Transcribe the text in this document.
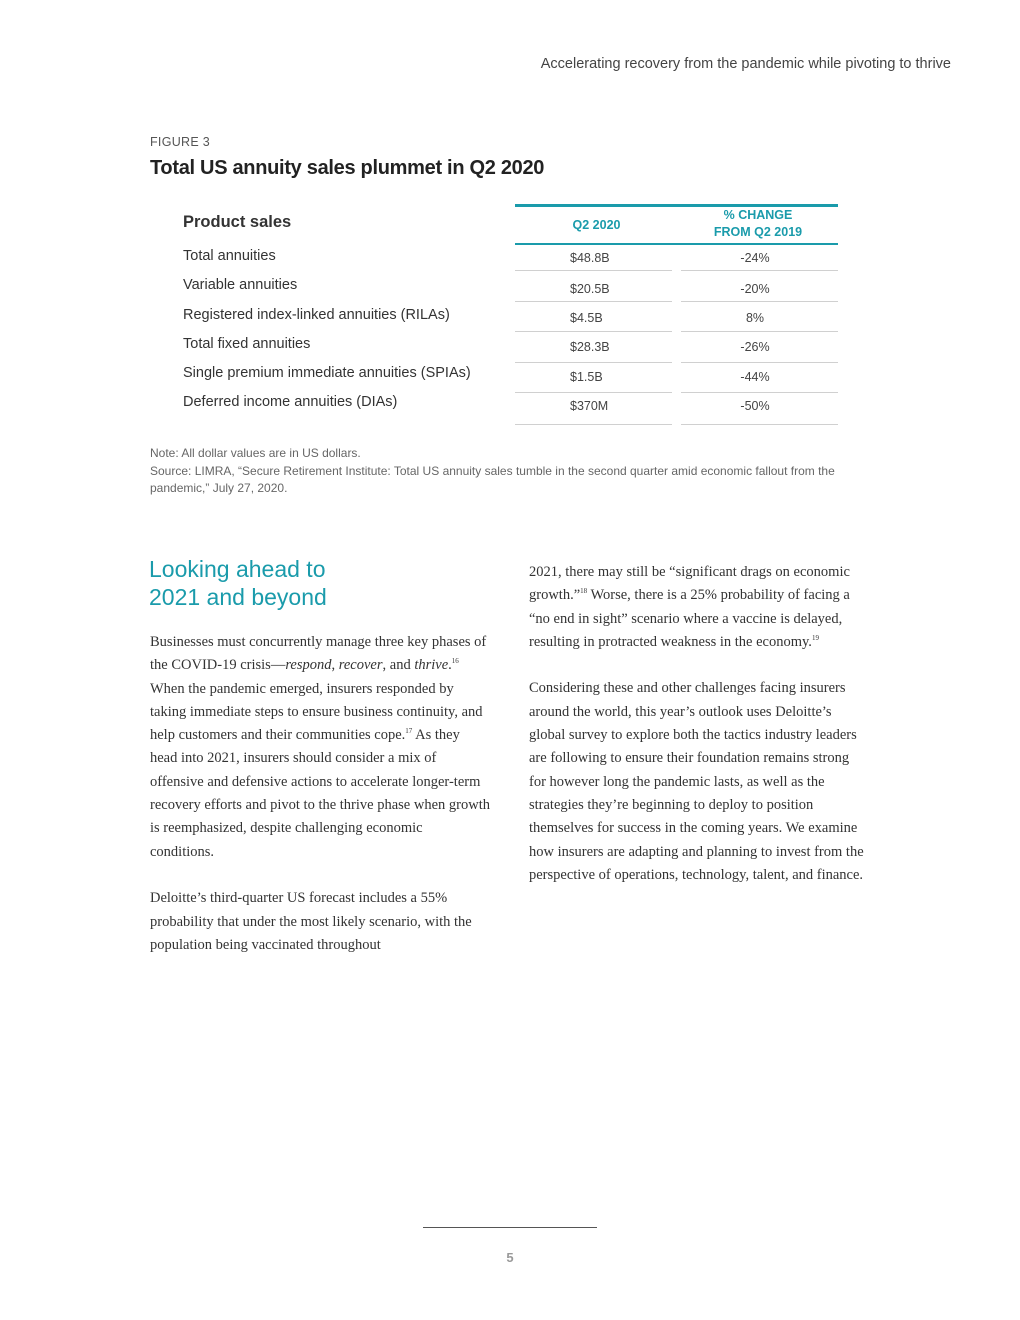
Accelerating recovery from the pandemic while pivoting to thrive
FIGURE 3
Total US annuity sales plummet in Q2 2020
Product sales	Q2 2020
% CHANGE
FROM Q2 2019
Total annuities	$48.8B	-24%
Variable annuities	$20.5B	-20%
Registered index-linked annuities (RILAs)	$4.5B	8%
Total fixed annuities	$28.3B	-26%
Single premium immediate annuities (SPIAs)	$1.5B	-44%
Deferred income annuities (DIAs)	$370M	-50%
Note: All dollar values are in US dollars.
Source: LIMRA, “Secure Retirement Institute: Total US annuity sales tumble in the second quarter amid economic fallout from the pandemic,” July 27, 2020.
Looking ahead to
2021 and beyond

Businesses must concurrently manage three key phases of the COVID-19 crisis—respond, recover, and thrive.$^{16}$ When the pandemic emerged, insurers responded by taking immediate steps to ensure business continuity, and help customers and their communities cope.$^{17}$ As they head into 2021, insurers should consider a mix of offensive and defensive actions to accelerate longer-term recovery efforts and pivot to the thrive phase when growth is reemphasized, despite challenging economic conditions.

Deloitte’s third-quarter US forecast includes a 55% probability that under the most likely scenario, with the population being vaccinated throughout

2021, there may still be “significant drags on economic growth.”$^{18}$ Worse, there is a 25% probability of facing a “no end in sight” scenario where a vaccine is delayed, resulting in protracted weakness in the economy.$^{19}$

Considering these and other challenges facing insurers around the world, this year’s outlook uses Deloitte’s global survey to explore both the tactics industry leaders are following to ensure their foundation remains strong for however long the pandemic lasts, as well as the strategies they’re beginning to deploy to position themselves for success in the coming years. We examine how insurers are adapting and planning to invest from the perspective of operations, technology, talent, and finance.

5
